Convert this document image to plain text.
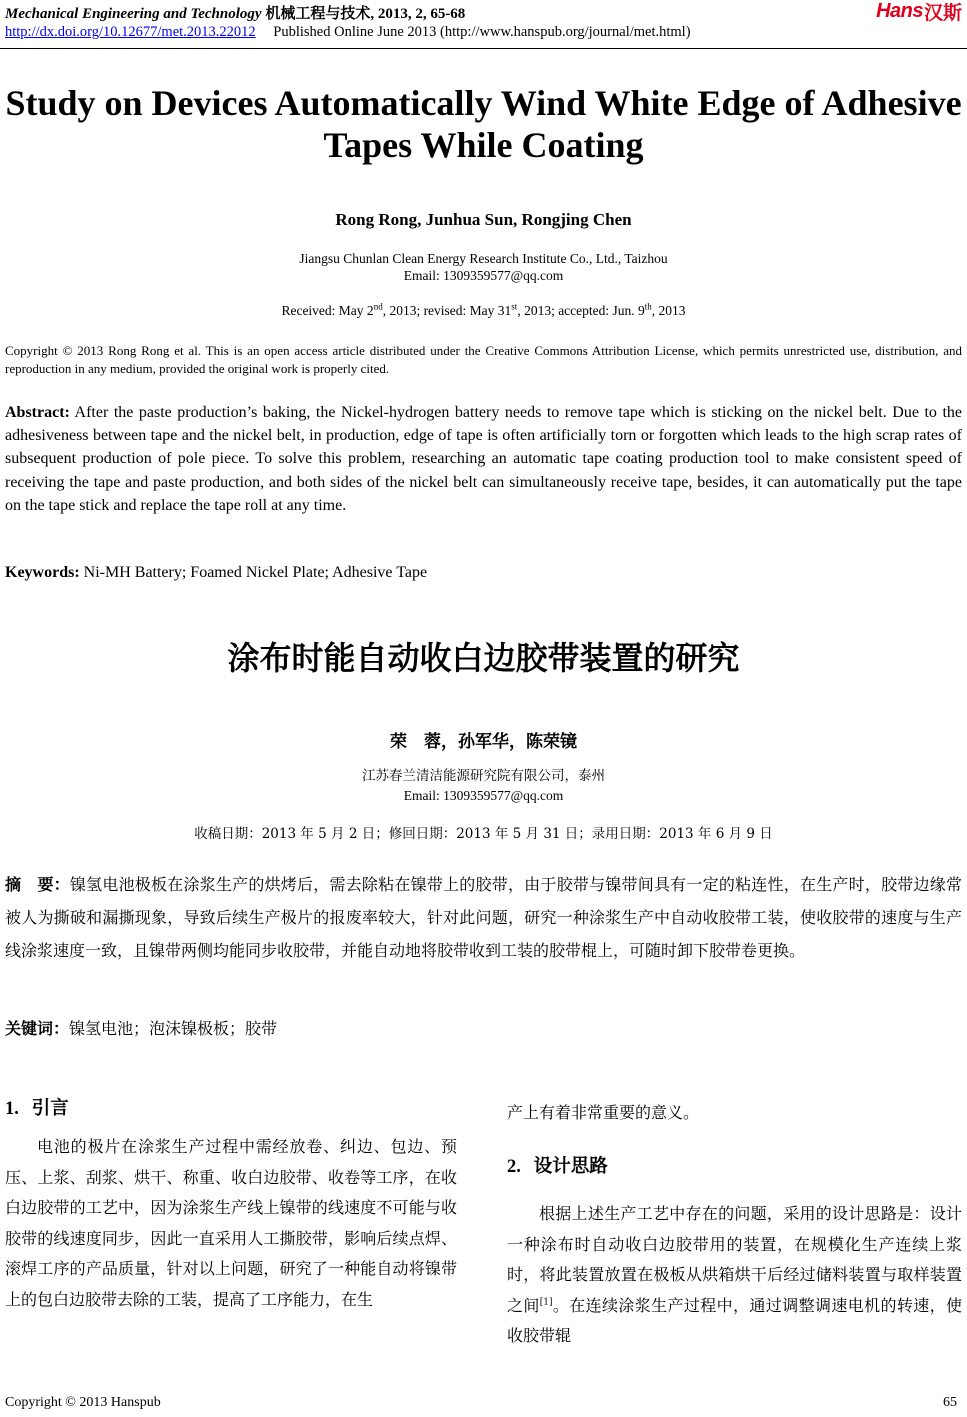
Mechanical Engineering and Technology 机械工程与技术, 2013, 2, 65-68
http://dx.doi.org/10.12677/met.2013.22012 Published Online June 2013 (http://www.hanspub.org/journal/met.html)
Hans 汉斯
Study on Devices Automatically Wind White Edge of Adhesive
Tapes While Coating
Rong Rong, Junhua Sun, Rongjing Chen
Jiangsu Chunlan Clean Energy Research Institute Co., Ltd., Taizhou
Email: 1309359577@qq.com
Received: May 2nd, 2013; revised: May 31st, 2013; accepted: Jun. 9th, 2013
Copyright © 2013 Rong Rong et al. This is an open access article distributed under the Creative Commons Attribution License, which permits unrestricted use, distribution, and reproduction in any medium, provided the original work is properly cited.
Abstract: After the paste production’s baking, the Nickel-hydrogen battery needs to remove tape which is sticking on the nickel belt. Due to the adhesiveness between tape and the nickel belt, in production, edge of tape is often artificially torn or forgotten which leads to the high scrap rates of subsequent production of pole piece. To solve this problem, researching an automatic tape coating production tool to make consistent speed of receiving the tape and paste production, and both sides of the nickel belt can simultaneously receive tape, besides, it can automatically put the tape on the tape stick and replace the tape roll at any time.
Keywords: Ni-MH Battery; Foamed Nickel Plate; Adhesive Tape
涂布时能自动收白边胶带装置的研究
荣　蓉，孙军华，陈荣镜
江苏春兰清洁能源研究院有限公司，泰州
Email: 1309359577@qq.com
收稿日期：2013 年 5 月 2 日；修回日期：2013 年 5 月 31 日；录用日期：2013 年 6 月 9 日
摘　要：镍氢电池极板在涂浆生产的烘烤后，需去除粘在镍带上的胶带，由于胶带与镍带间具有一定的粘连性，在生产时，胶带边缘常被人为撕破和漏撕现象，导致后续生产极片的报废率较大，针对此问题，研究一种涂浆生产中自动收胶带工装，使收胶带的速度与生产线涂浆速度一致，且镍带两侧均能同步收胶带，并能自动地将胶带收到工装的胶带棍上，可随时卸下胶带卷更换。
关键词：镍氢电池；泡沫镍极板；胶带
1. 引言
电池的极片在涂浆生产过程中需经放卷、纠边、包边、预压、上浆、刮浆、烘干、称重、收白边胶带、收卷等工序，在收白边胶带的工艺中，因为涂浆生产线上镍带的线速度不可能与收胶带的线速度同步，因此一直采用人工撕胶带，影响后续点焊、滚焊工序的产品质量，针对以上问题，研究了一种能自动将镍带上的包白边胶带去除的工装，提高了工序能力，在生
产上有着非常重要的意义。
2. 设计思路
根据上述生产工艺中存在的问题，采用的设计思路是：设计一种涂布时自动收白边胶带用的装置，在规模化生产连续上浆时，将此装置放置在极板从烘箱烘干后经过储料装置与取样装置之间[1]。在连续涂浆生产过程中，通过调整调速电机的转速，使收胶带辊
Copyright © 2013 Hanspub	65
